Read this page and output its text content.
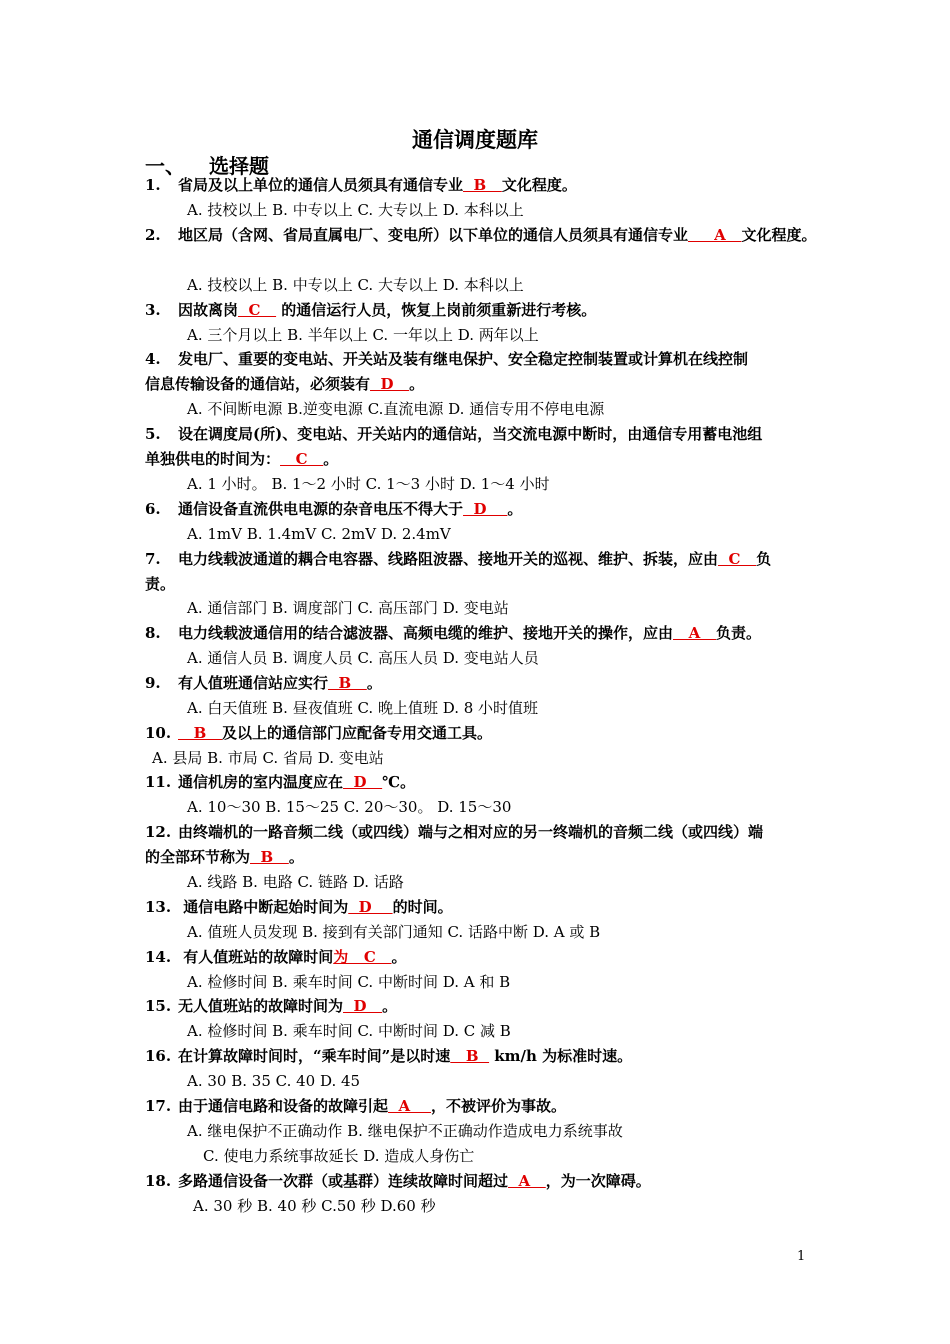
通信调度题库
一、 选择题
1. 省局及以上单位的通信人员须具有通信专业  B   文化程度。
A. 技校以上 B. 中专以上 C. 大专以上 D. 本科以上
2. 地区局（含网、省局直属电厂、变电所）以下单位的通信人员须具有通信专业     A   文化程度。
A. 技校以上 B. 中专以上 C. 大专以上 D. 本科以上
3. 因故离岗  C    的通信运行人员，恢复上岗前须重新进行考核。
A. 三个月以上 B. 半年以上 C. 一年以上 D. 两年以上
4. 发电厂、重要的变电站、开关站及装有继电保护、安全稳定控制装置或计算机在线控制
信息传输设备的通信站，必须装有  D   。
A. 不间断电源 B.逆变电源 C.直流电源 D. 通信专用不停电电源
5. 设在调度局(所)、变电站、开关站内的通信站，当交流电源中断时，由通信专用蓄电池组
单独供电的时间为：   C   。
A. 1 小时。 B. 1～2 小时 C. 1～3 小时 D. 1～4 小时
6. 通信设备直流供电电源的杂音电压不得大于  D    。
A. 1mV B. 1.4mV C. 2mV D. 2.4mV
7. 电力线载波通道的耦合电容器、线路阻波器、接地开关的巡视、维护、拆装，应由  C   负
责。
A. 通信部门 B. 调度部门 C. 高压部门 D. 变电站
8. 电力线载波通信用的结合滤波器、高频电缆的维护、接地开关的操作，应由   A   负责。
A. 通信人员 B. 调度人员 C. 高压人员 D. 变电站人员
9. 有人值班通信站应实行  B   。
A. 白天值班 B. 昼夜值班 C. 晚上值班 D. 8 小时值班
10.   B   及以上的通信部门应配备专用交通工具。
A. 县局 B. 市局 C. 省局 D. 变电站
11. 通信机房的室内温度应在  D   ℃。
A. 10～30 B. 15～25 C. 20～30。 D. 15～30
12. 由终端机的一路音频二线（或四线）端与之相对应的另一终端机的音频二线（或四线）端
的全部环节称为  B   。
A. 线路 B. 电路 C. 链路 D. 话路
13. 通信电路中断起始时间为  D    的时间。
A. 值班人员发现 B. 接到有关部门通知 C. 话路中断 D. A 或 B
14. 有人值班站的故障时间为   C   。
A. 检修时间 B. 乘车时间 C. 中断时间 D. A 和 B
15. 无人值班站的故障时间为  D   。
A. 检修时间 B. 乘车时间 C. 中断时间 D. C 减 B
16. 在计算故障时间时，“乘车时间”是以时速   B   km/h 为标准时速。
A. 30 B. 35 C. 40 D. 45
17. 由于通信电路和设备的故障引起  A    ，不被评价为事故。
A. 继电保护不正确动作 B. 继电保护不正确动作造成电力系统事故
C. 使电力系统事故延长 D. 造成人身伤亡
18. 多路通信设备一次群（或基群）连续故障时间超过  A   ，为一次障碍。
A. 30 秒 B. 40 秒 C.50 秒 D.60 秒
1
